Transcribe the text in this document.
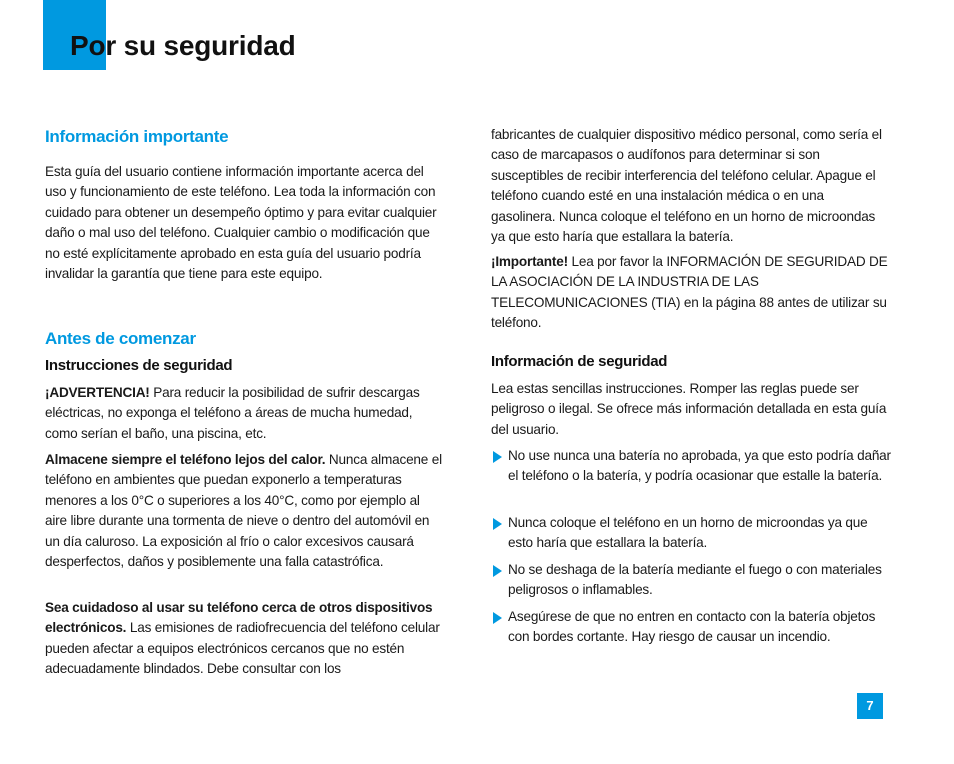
Por su seguridad
Información importante

Esta guía del usuario contiene información importante acerca del uso y funcionamiento de este teléfono. Lea toda la información con cuidado para obtener un desempeño óptimo y para evitar cualquier daño o mal uso del teléfono. Cualquier cambio o modificación que no esté explícitamente aprobado en esta guía del usuario podría invalidar la garantía que tiene para este equipo.

Antes de comenzar
Instrucciones de seguridad

¡ADVERTENCIA! Para reducir la posibilidad de sufrir descargas eléctricas, no exponga el teléfono a áreas de mucha humedad, como serían el baño, una piscina, etc.

Almacene siempre el teléfono lejos del calor. Nunca almacene el teléfono en ambientes que puedan exponerlo a temperaturas menores a los 0°C o superiores a los 40°C, como por ejemplo al aire libre durante una tormenta de nieve o dentro del automóvil en un día caluroso. La exposición al frío o calor excesivos causará desperfectos, daños y posiblemente una falla catastrófica.

Sea cuidadoso al usar su teléfono cerca de otros dispositivos electrónicos. Las emisiones de radiofrecuencia del teléfono celular pueden afectar a equipos electrónicos cercanos que no estén adecuadamente blindados. Debe consultar con los

fabricantes de cualquier dispositivo médico personal, como sería el caso de marcapasos o audífonos para determinar si son susceptibles de recibir interferencia del teléfono celular. Apague el teléfono cuando esté en una instalación médica o en una gasolinera. Nunca coloque el teléfono en un horno de microondas ya que esto haría que estallara la batería.

¡Importante! Lea por favor la INFORMACIÓN DE SEGURIDAD DE LA ASOCIACIÓN DE LA INDUSTRIA DE LAS TELECOMUNICACIONES (TIA) en la página 88 antes de utilizar su teléfono.

Información de seguridad

Lea estas sencillas instrucciones. Romper las reglas puede ser peligroso o ilegal. Se ofrece más información detallada en esta guía del usuario.

No use nunca una batería no aprobada, ya que esto podría dañar el teléfono o la batería, y podría ocasionar que estalle la batería.

Nunca coloque el teléfono en un horno de microondas ya que esto haría que estallara la batería.

No se deshaga de la batería mediante el fuego o con materiales peligrosos o inflamables.

Asegúrese de que no entren en contacto con la batería objetos con bordes cortante. Hay riesgo de causar un incendio.

7
